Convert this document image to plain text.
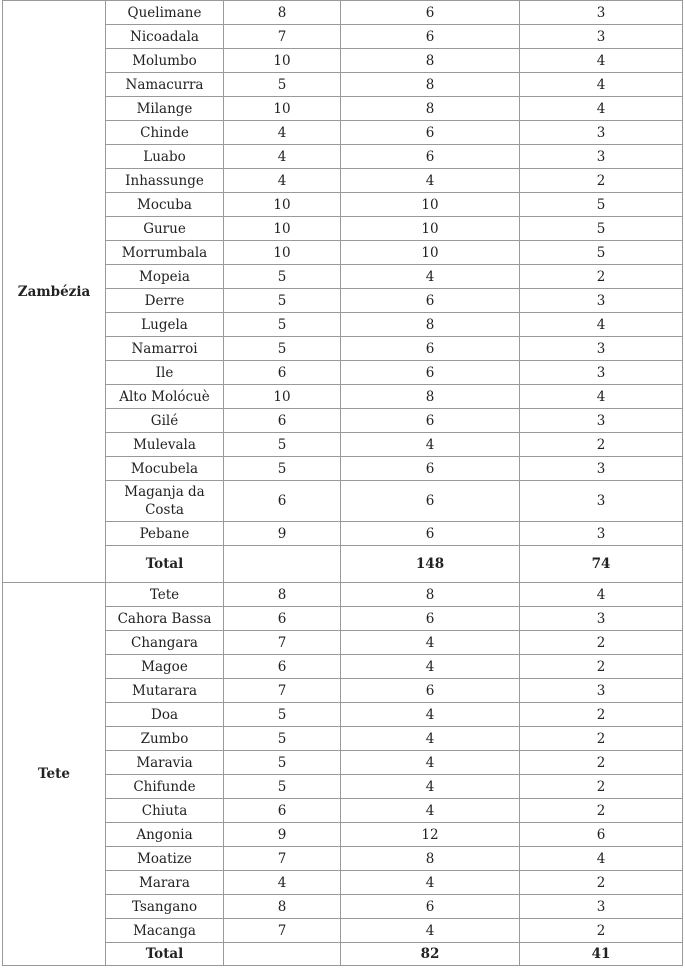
Zambézia	Quelimane	8	6	3
	Nicoadala	7	6	3
	Molumbo	10	8	4
	Namacurra	5	8	4
	Milange	10	8	4
	Chinde	4	6	3
	Luabo	4	6	3
	Inhassunge	4	4	2
	Mocuba	10	10	5
	Gurue	10	10	5
	Morrumbala	10	10	5
	Mopeia	5	4	2
	Derre	5	6	3
	Lugela	5	8	4
	Namarroi	5	6	3
	Ile	6	6	3
	Alto Molócuè	10	8	4
	Gilé	6	6	3
	Mulevala	5	4	2
	Mocubela	5	6	3
	Maganja da Costa	6	6	3
	Pebane	9	6	3
	Total		148	74
Tete	Tete	8	8	4
	Cahora Bassa	6	6	3
	Changara	7	4	2
	Magoe	6	4	2
	Mutarara	7	6	3
	Doa	5	4	2
	Zumbo	5	4	2
	Maravia	5	4	2
	Chifunde	5	4	2
	Chiuta	6	4	2
	Angonia	9	12	6
	Moatize	7	8	4
	Marara	4	4	2
	Tsangano	8	6	3
	Macanga	7	4	2
	Total		82	41
